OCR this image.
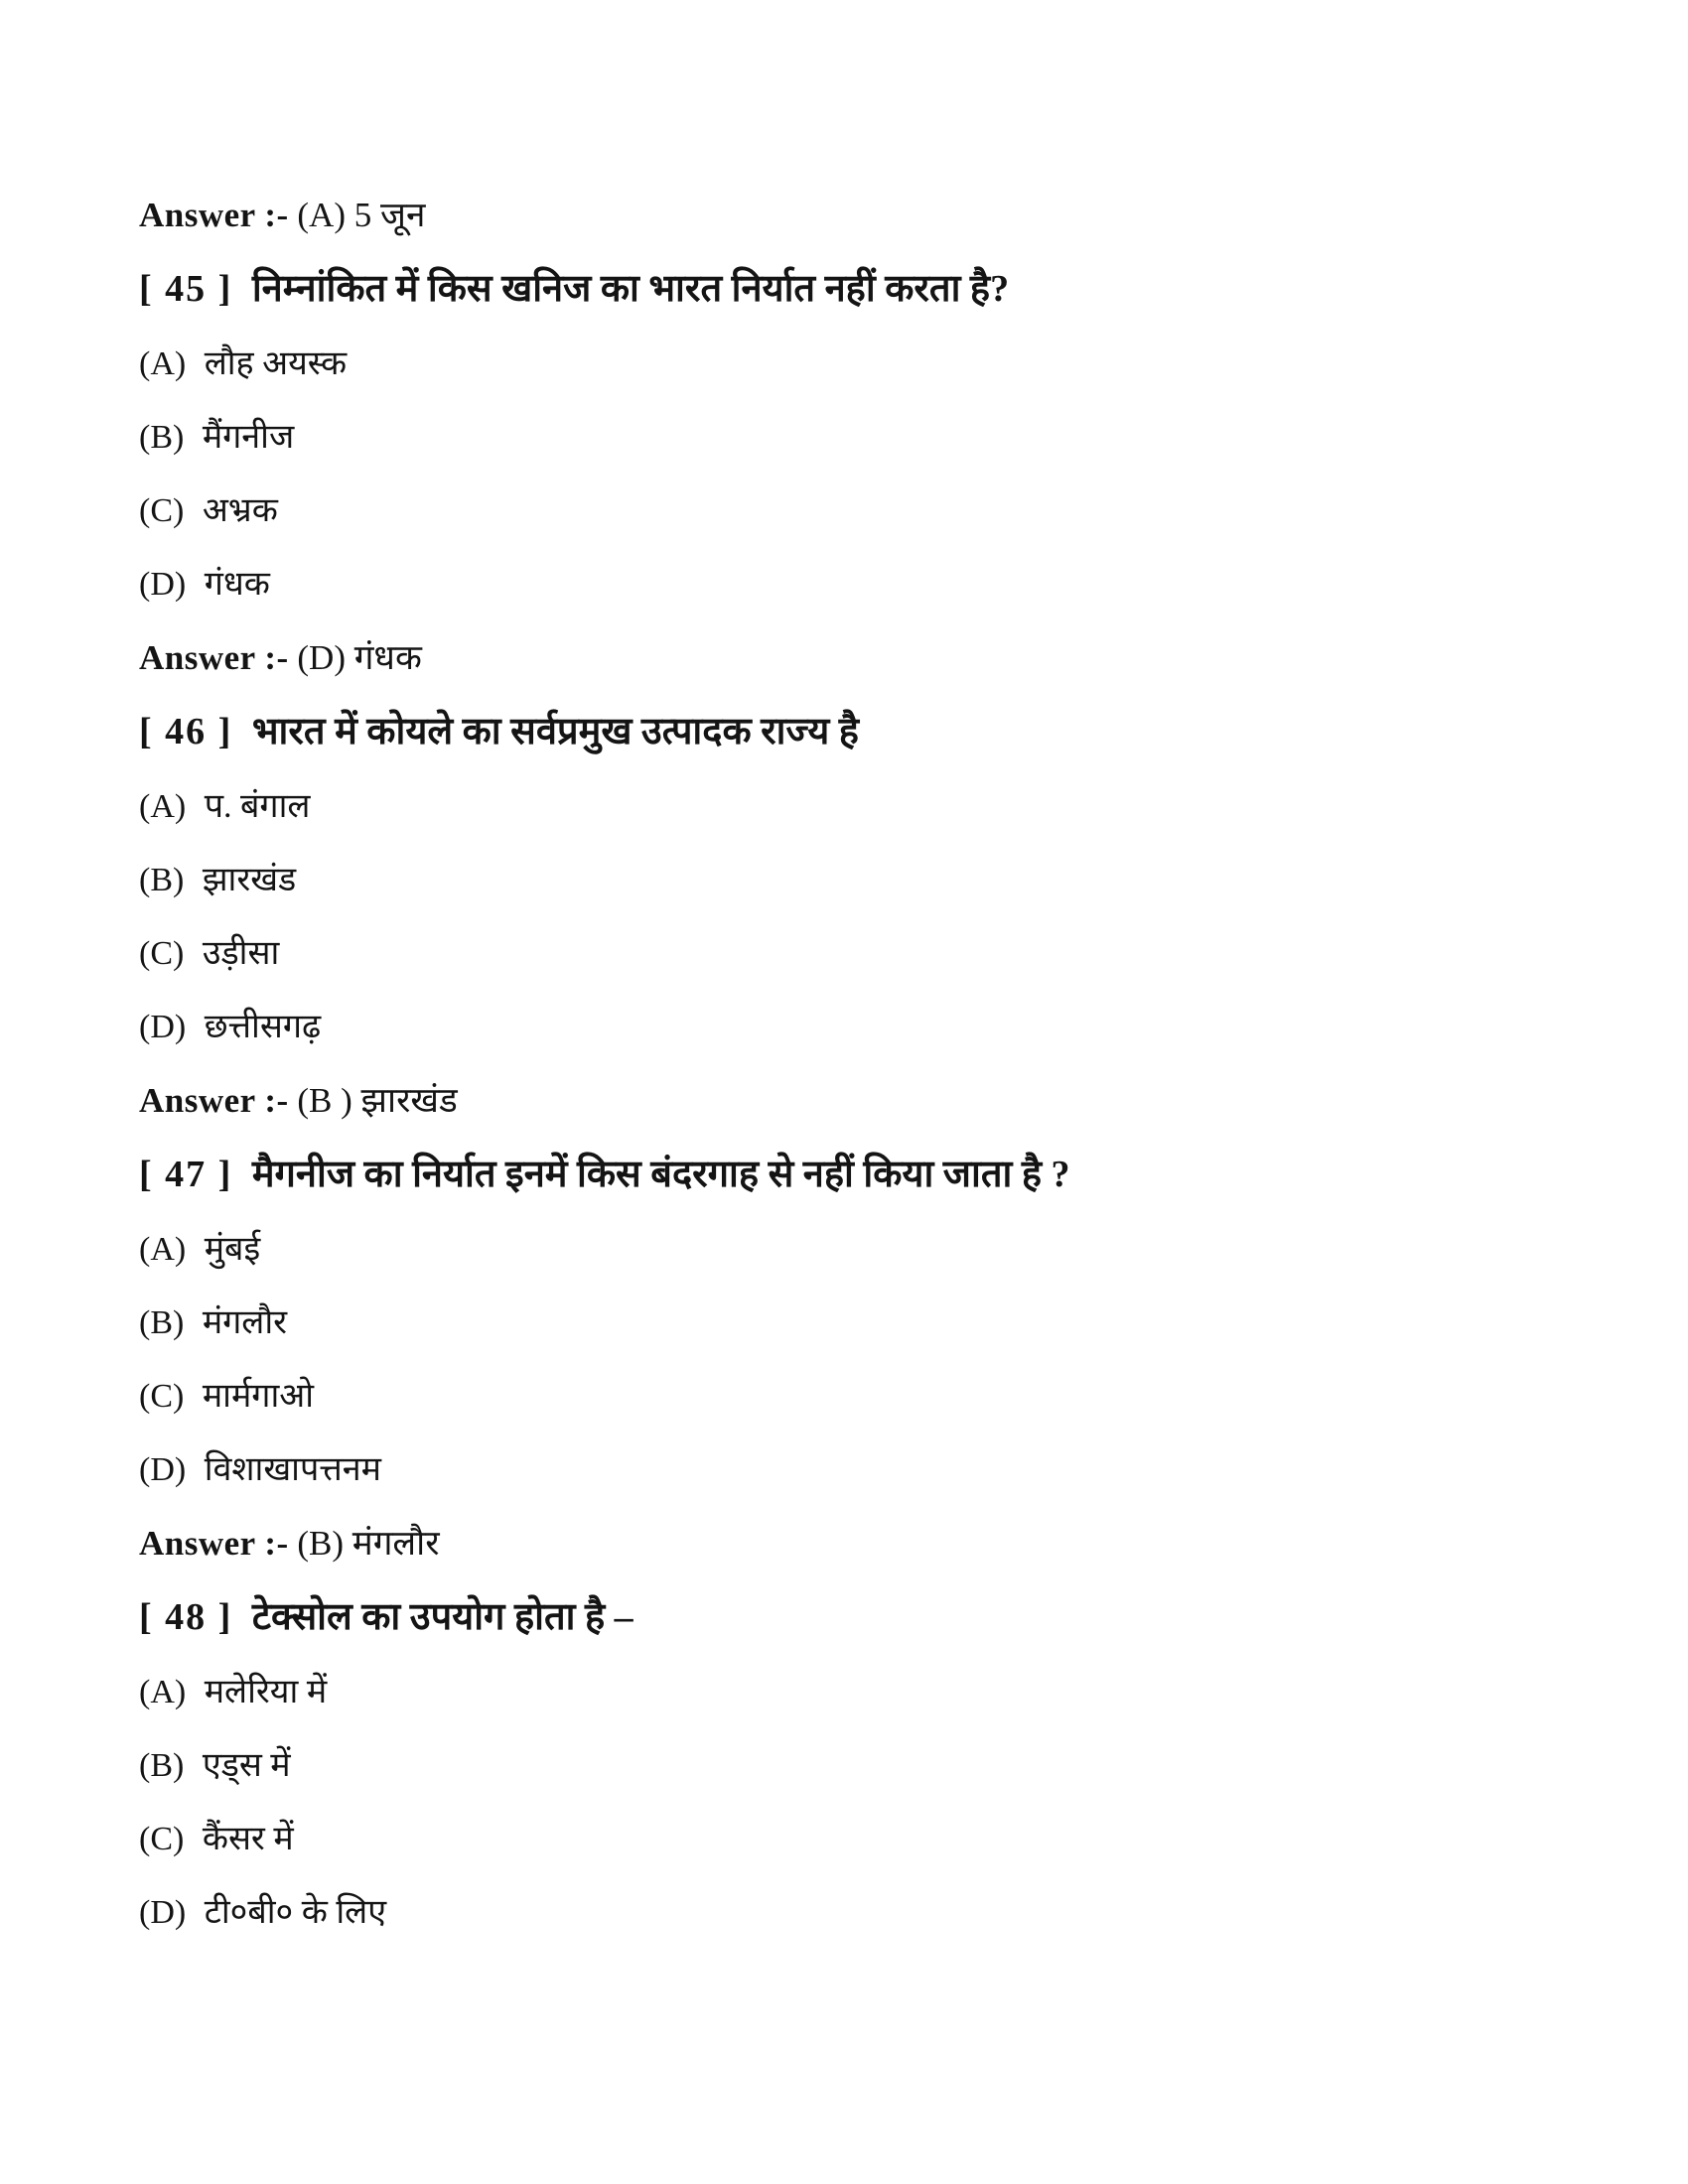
Answer :- (A) 5 जून

[ 45 ] निम्नांकित में किस खनिज का भारत निर्यात नहीं करता है?

(A) लौह अयस्क

(B) मैंगनीज

(C) अभ्रक

(D) गंधक

Answer :- (D) गंधक

[ 46 ] भारत में कोयले का सर्वप्रमुख उत्पादक राज्य है

(A) प. बंगाल

(B) झारखंड

(C) उड़ीसा

(D) छत्तीसगढ़

Answer :- (B ) झारखंड

[ 47 ] मैगनीज का निर्यात इनमें किस बंदरगाह से नहीं किया जाता है ?

(A) मुंबई

(B) मंगलौर

(C) मार्मगाओ

(D) विशाखापत्तनम

Answer :- (B) मंगलौर

[ 48 ] टेक्सोल का उपयोग होता है –

(A) मलेरिया में

(B) एड्स में

(C) कैंसर में

(D) टी०बी० के लिए
